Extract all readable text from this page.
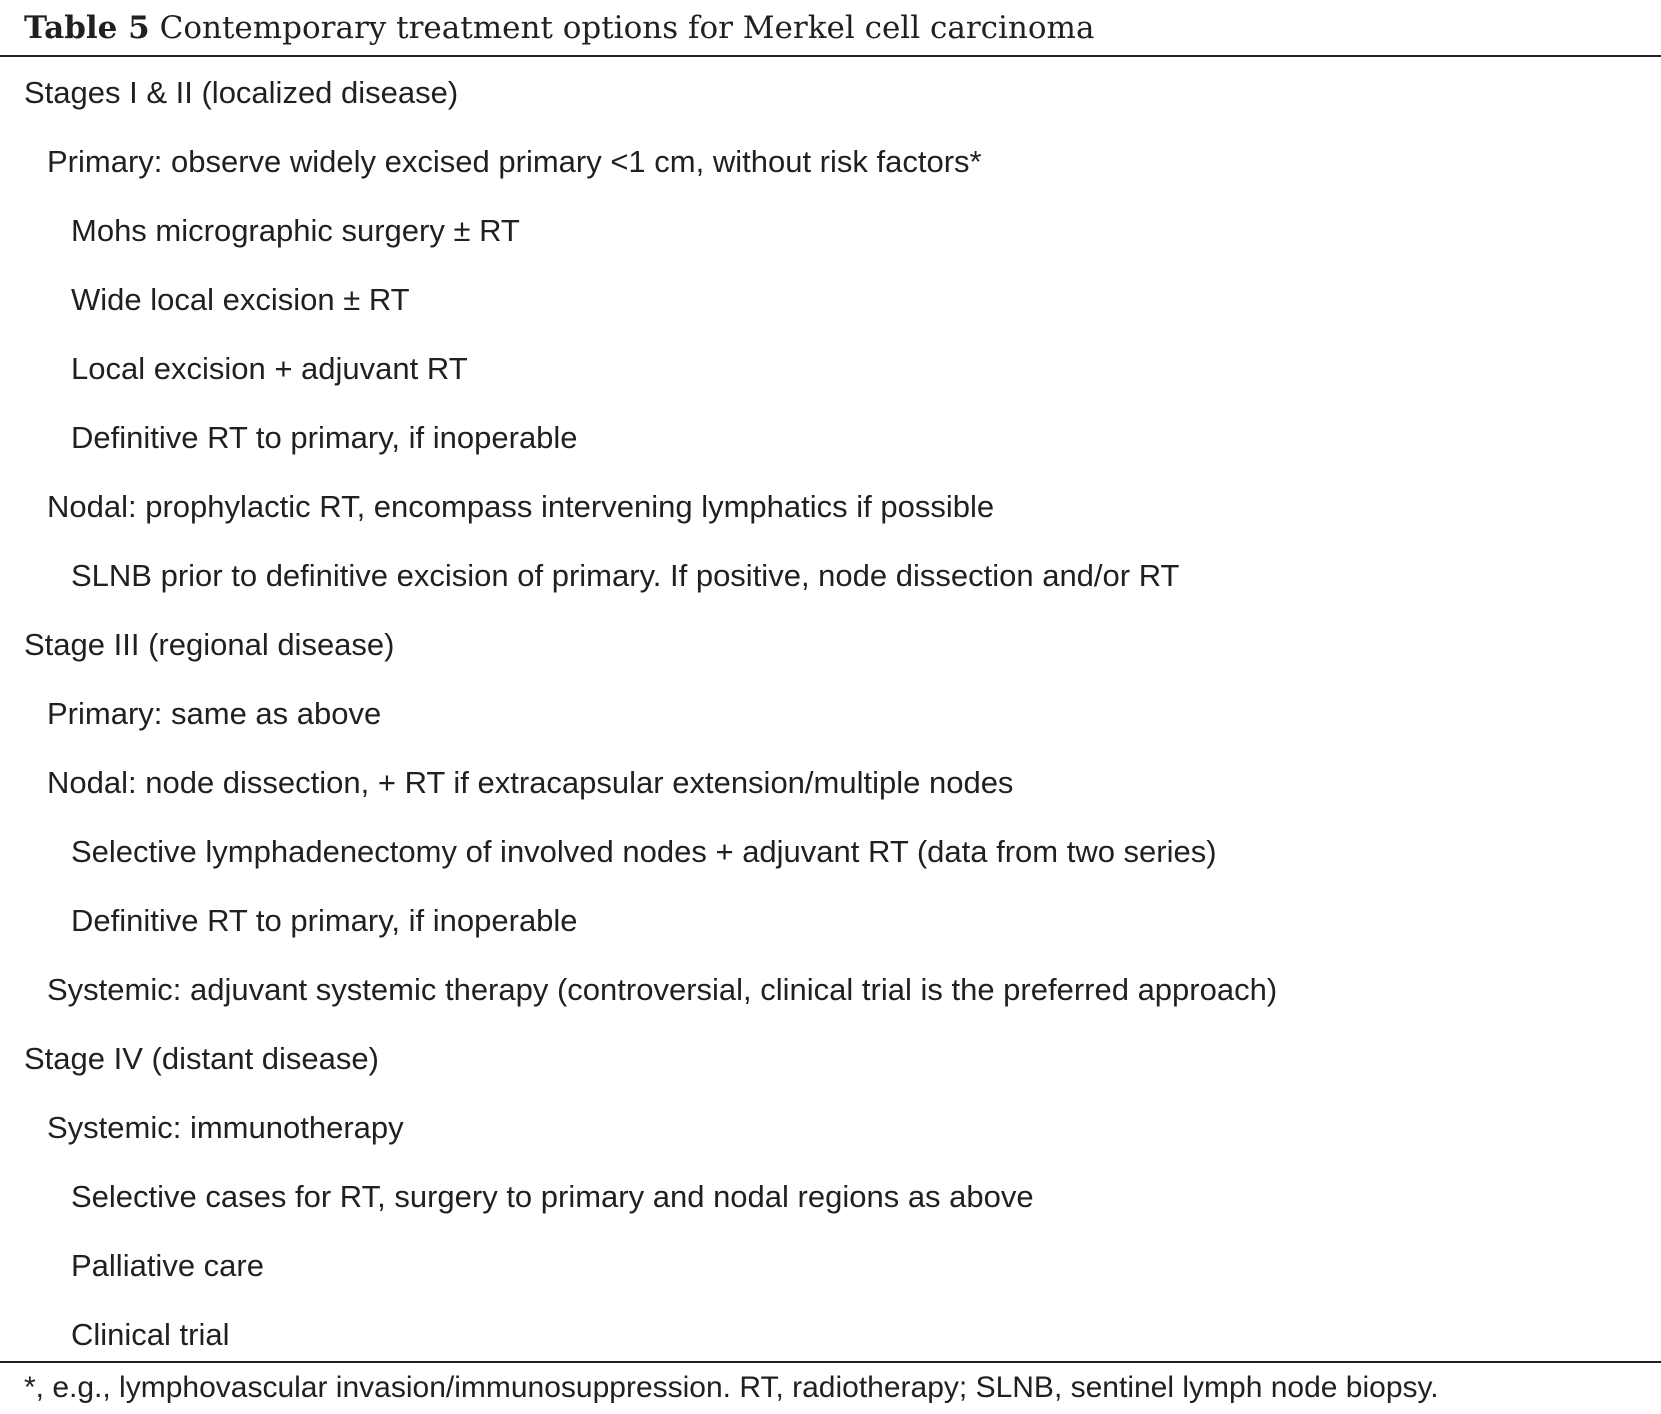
Table 5 Contemporary treatment options for Merkel cell carcinoma
Stages I & II (localized disease)
Primary: observe widely excised primary <1 cm, without risk factors*
Mohs micrographic surgery ± RT
Wide local excision ± RT
Local excision + adjuvant RT
Definitive RT to primary, if inoperable
Nodal: prophylactic RT, encompass intervening lymphatics if possible
SLNB prior to definitive excision of primary. If positive, node dissection and/or RT
Stage III (regional disease)
Primary: same as above
Nodal: node dissection, + RT if extracapsular extension/multiple nodes
Selective lymphadenectomy of involved nodes + adjuvant RT (data from two series)
Definitive RT to primary, if inoperable
Systemic: adjuvant systemic therapy (controversial, clinical trial is the preferred approach)
Stage IV (distant disease)
Systemic: immunotherapy
Selective cases for RT, surgery to primary and nodal regions as above
Palliative care
Clinical trial
*, e.g., lymphovascular invasion/immunosuppression. RT, radiotherapy; SLNB, sentinel lymph node biopsy.
